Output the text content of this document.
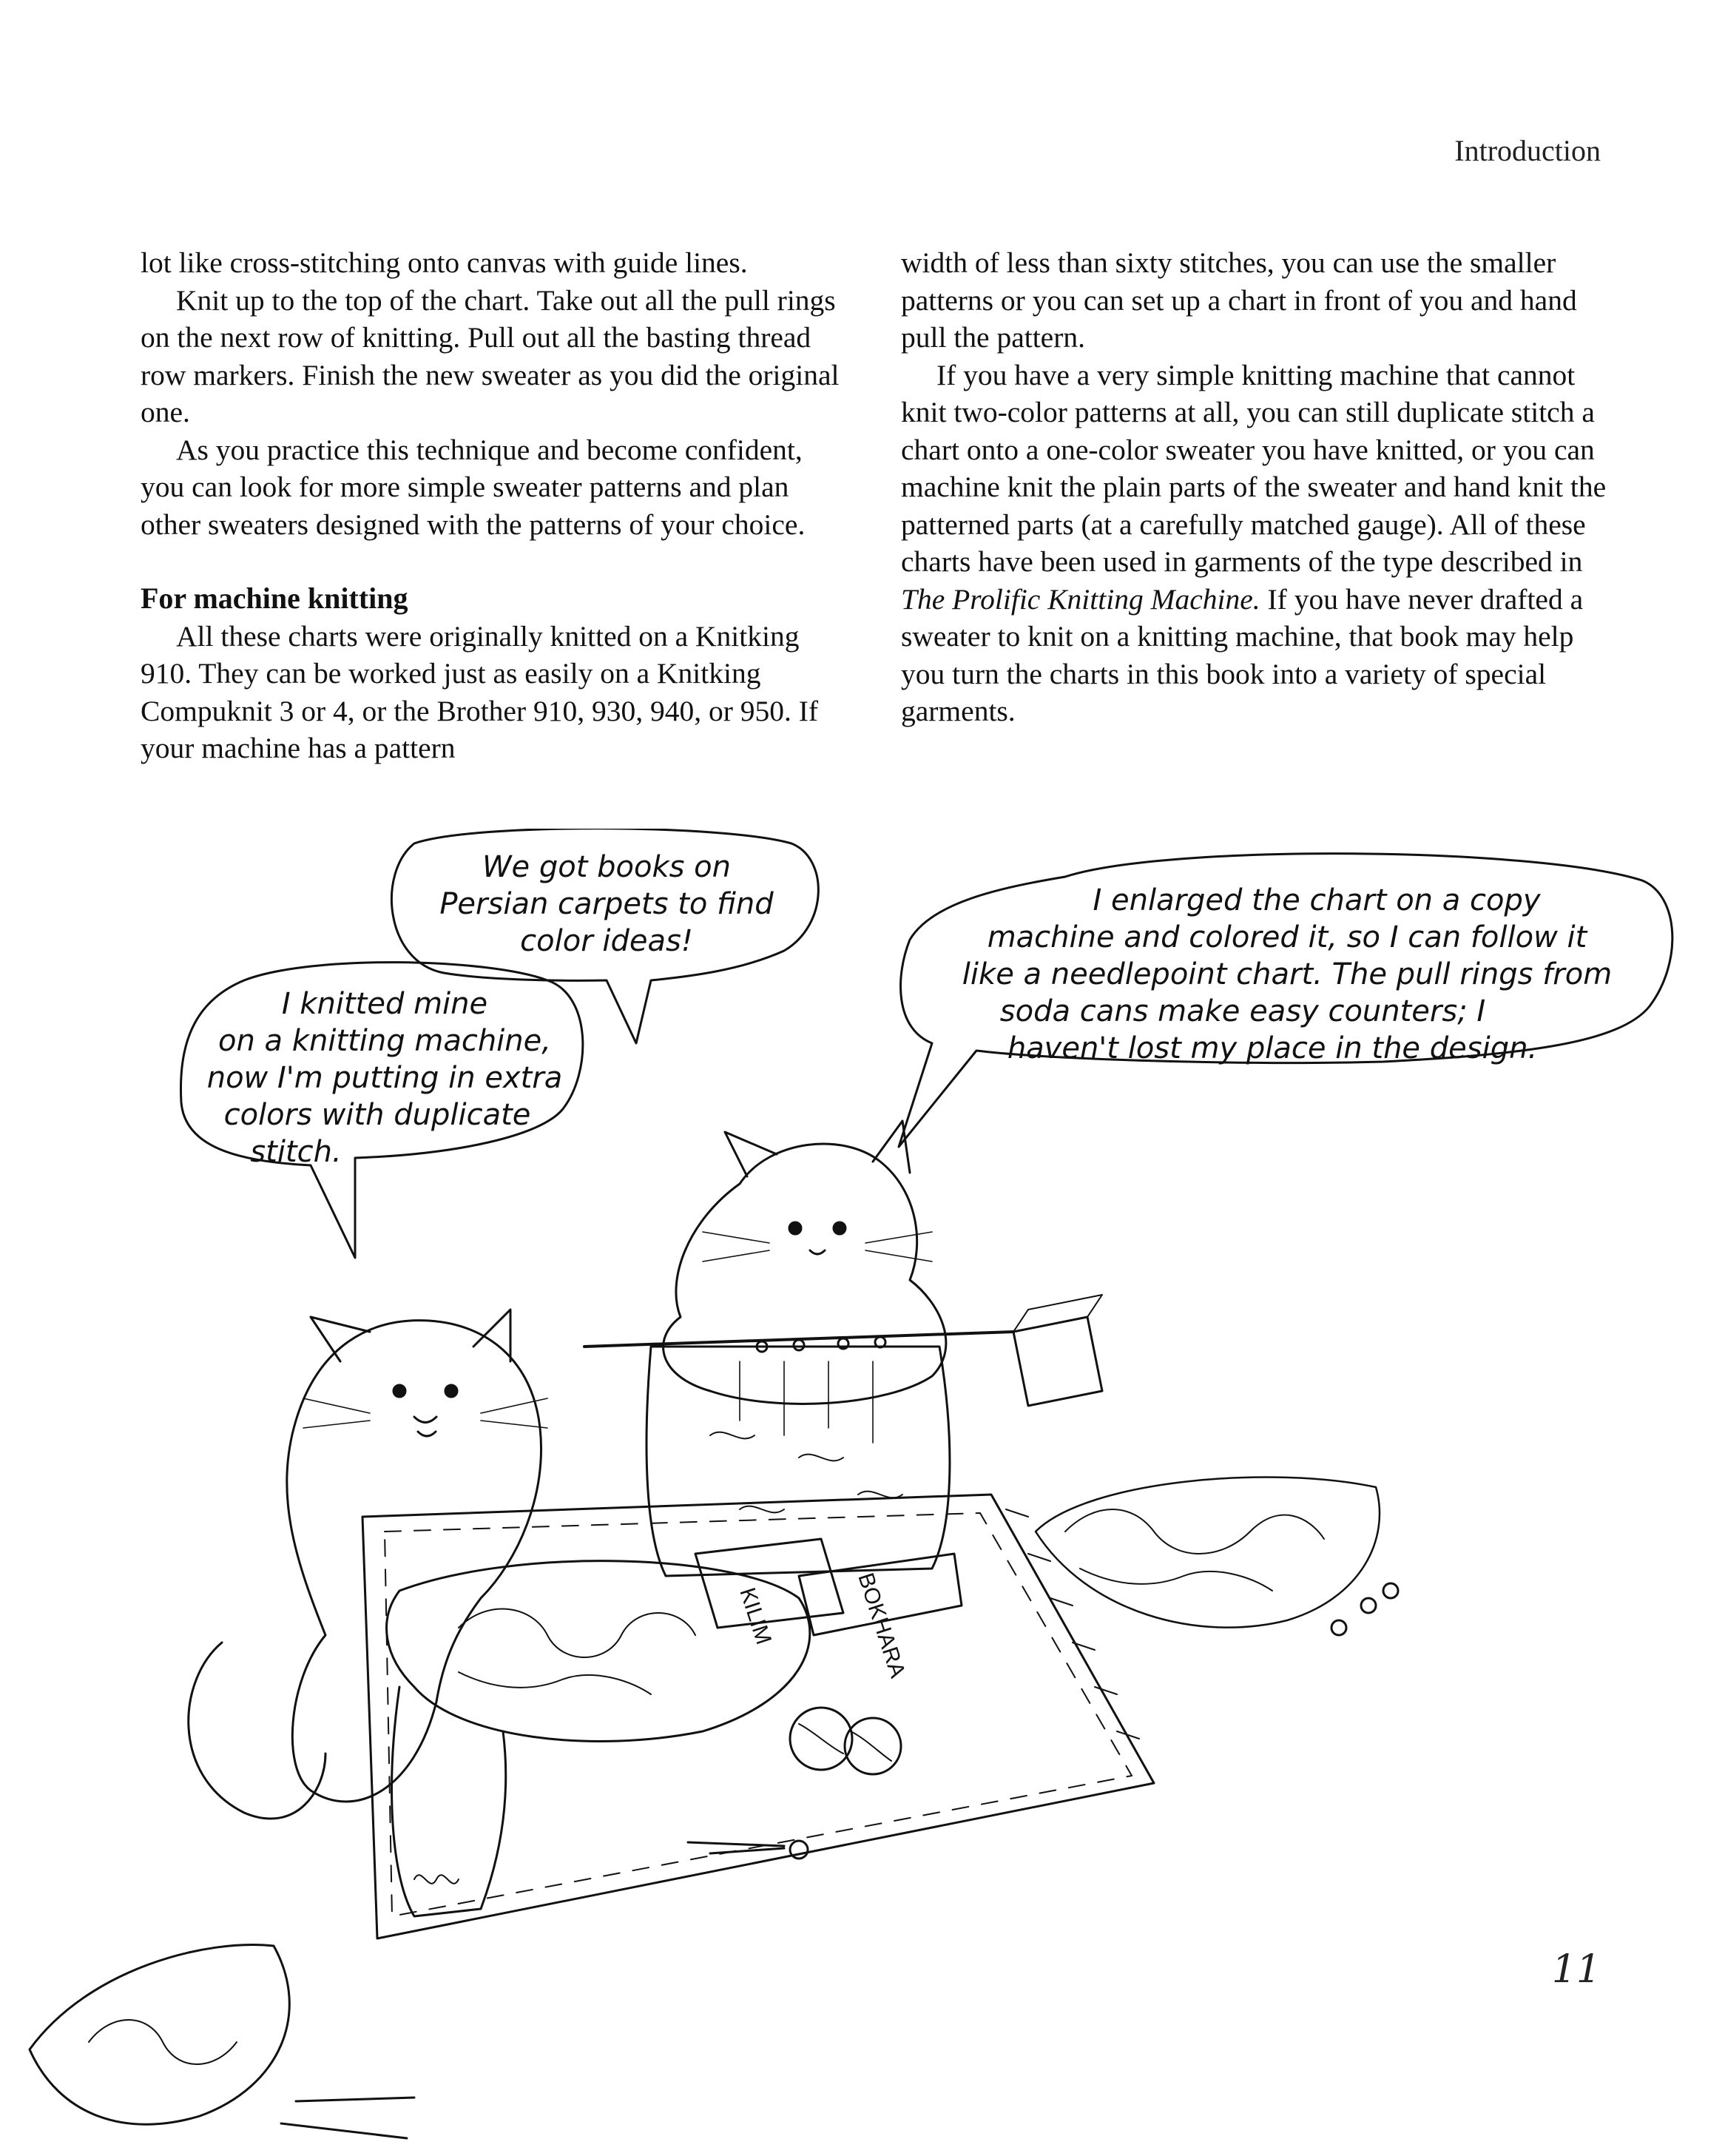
Introduction

lot like cross-stitching onto canvas with guide lines.

Knit up to the top of the chart. Take out all the pull rings on the next row of knitting. Pull out all the basting thread row markers. Finish the new sweater as you did the original one.

As you practice this technique and become confident, you can look for more simple sweater patterns and plan other sweaters designed with the patterns of your choice.

For machine knitting

All these charts were originally knitted on a Knitking 910. They can be worked just as easily on a Knitking Compuknit 3 or 4, or the Brother 910, 930, 940, or 950. If your machine has a pattern

width of less than sixty stitches, you can use the smaller patterns or you can set up a chart in front of you and hand pull the pattern.

If you have a very simple knitting machine that cannot knit two-color patterns at all, you can still duplicate stitch a chart onto a one-color sweater you have knitted, or you can machine knit the plain parts of the sweater and hand knit the patterned parts (at a carefully matched gauge). All of these charts have been used in garments of the type described in The Prolific Knitting Machine. If you have never drafted a sweater to knit on a knitting machine, that book may help you turn the charts in this book into a variety of special garments.

We got books on
Persian carpets to find
color ideas!
I knitted mine
on a knitting machine,
now I'm putting in extra
colors with duplicate
stitch.
I enlarged the chart on a copy
machine and colored it, so I can follow it
like a needlepoint chart. The pull rings from
soda cans make easy counters; I
haven't lost my place in the design.
KILIM	BOKHARA
11
